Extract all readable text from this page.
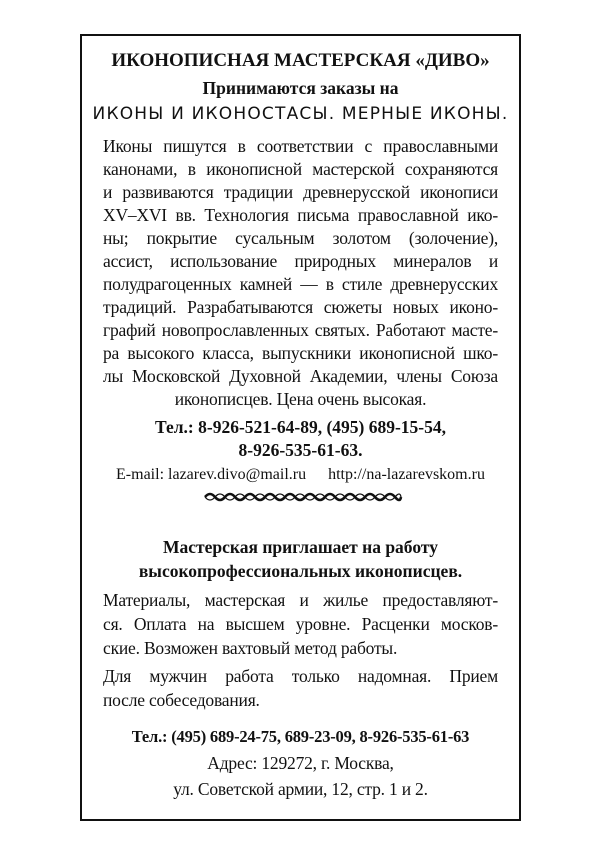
ИКОНОПИСНАЯ МАСТЕРСКАЯ «ДИВО»
Принимаются заказы на
ИКОНЫ И ИКОНОСТАСЫ. МЕРНЫЕ ИКОНЫ.
Иконы пишутся в соответствии с православными
канонами, в иконописной мастерской сохраняются
и развиваются традиции древнерусской иконописи
XV–XVI вв. Технология письма православной ико-
ны; покрытие сусальным золотом (золочение),
ассист, использование природных минералов и
полудрагоценных камней — в стиле древнерусских
традиций. Разрабатываются сюжеты новых иконо-
графий новопрославленных святых. Работают масте-
ра высокого класса, выпускники иконописной шко-
лы Московской Духовной Академии, члены Союза
иконописцев. Цена очень высокая.
Тел.: 8-926-521-64-89, (495) 689-15-54,
8-926-535-61-63.
E-mail: lazarev.divo@mail.ru http://na-lazarevskom.ru
Мастерская приглашает на работу
высокопрофессиональных иконописцев.
Материалы, мастерская и жилье предоставляют-
ся. Оплата на высшем уровне. Расценки москов-
ские. Возможен вахтовый метод работы.
Для мужчин работа только надомная. Прием
после собеседования.
Тел.: (495) 689-24-75, 689-23-09, 8-926-535-61-63
Адрес: 129272, г. Москва,
ул. Советской армии, 12, стр. 1 и 2.
